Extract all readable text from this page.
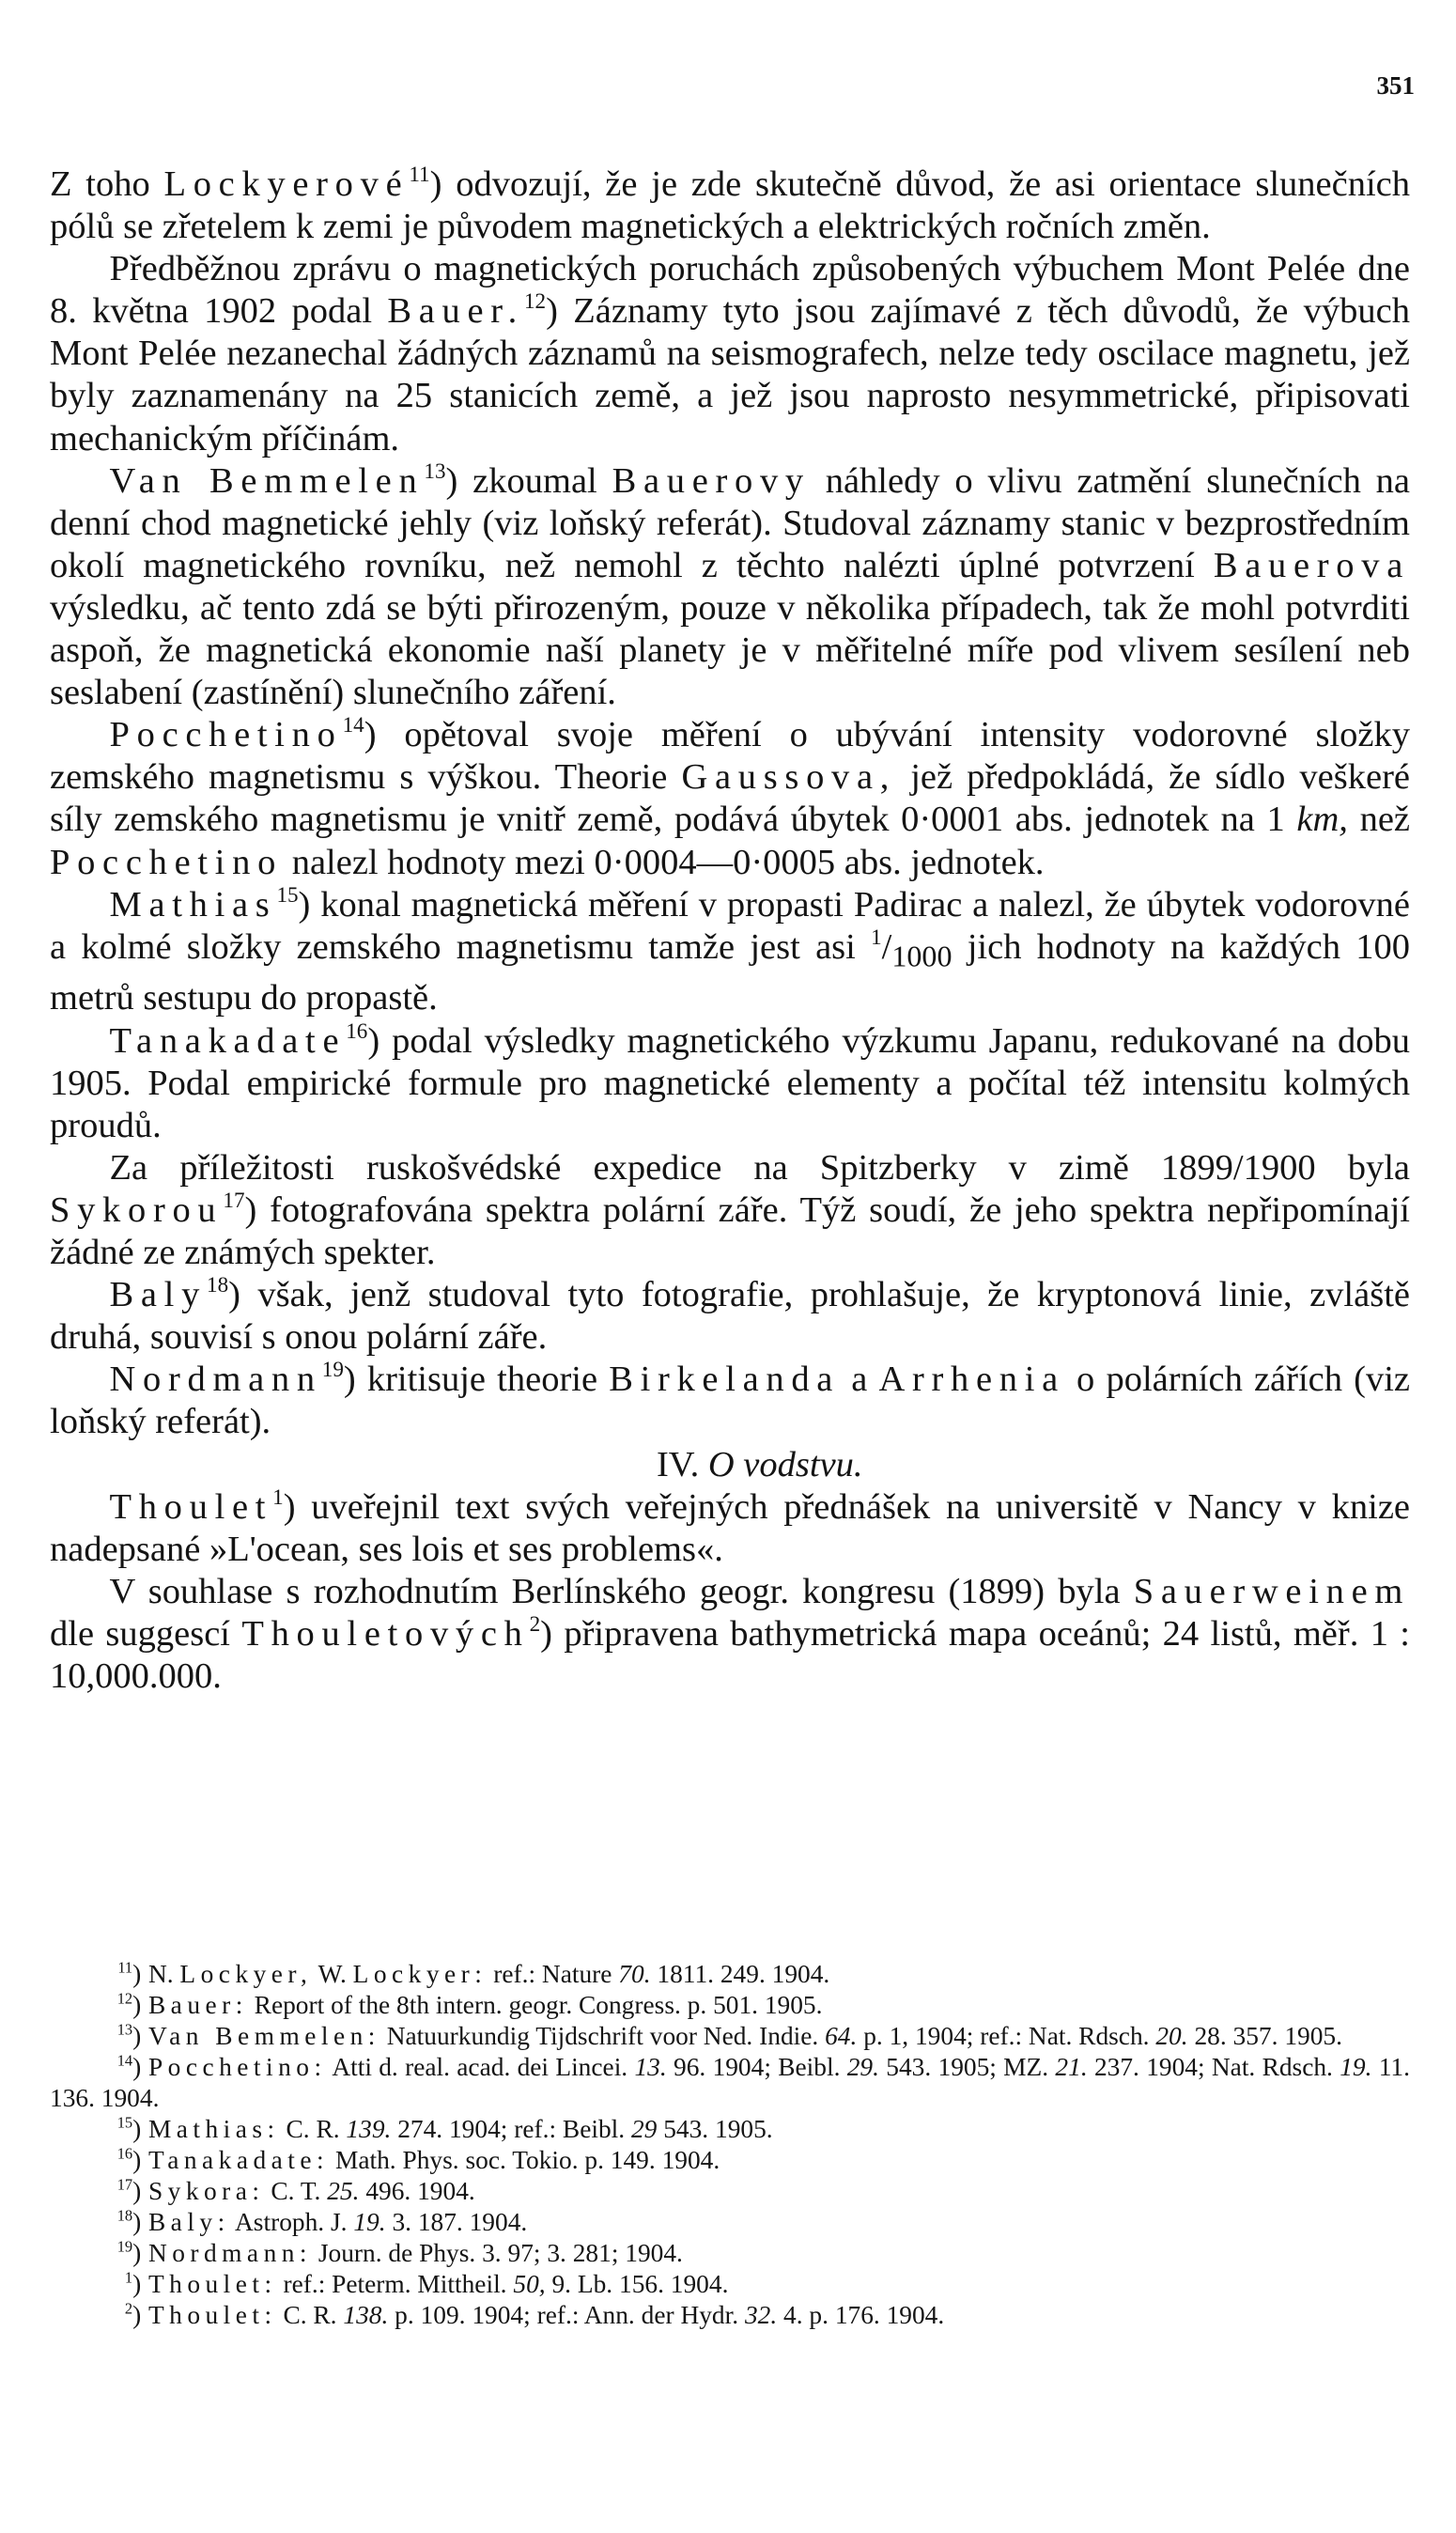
351

Z toho Lockyerové$^{11}$) odvozují, že je zde skutečně důvod, že asi orientace slunečních pólů se zřetelem k zemi je původem magnetických a elektrických ročních změn.

Předběžnou zprávu o magnetických poruchách způsobených výbuchem Mont Pelée dne 8. května 1902 podal Bauer.$^{12}$) Záznamy tyto jsou zajímavé z těch důvodů, že výbuch Mont Pelée nezanechal žádných záznamů na seismografech, nelze tedy oscilace magnetu, jež byly zaznamenány na 25 stanicích země, a jež jsou naprosto nesymmetrické, připisovati mechanickým příčinám.

Van Bemmelen$^{13}$) zkoumal Bauerovy náhledy o vlivu zatmění slunečních na denní chod magnetické jehly (viz loňský referát). Studoval záznamy stanic v bezprostředním okolí magnetického rovníku, než nemohl z těchto nalézti úplné potvrzení Bauerova výsledku, ač tento zdá se býti přirozeným, pouze v několika případech, tak že mohl potvrditi aspoň, že magnetická ekonomie naší planety je v měřitelné míře pod vlivem sesílení neb seslabení (zastínění) slunečního záření.

Pocchetino$^{14}$) opětoval svoje měření o ubývání intensity vodorovné složky zemského magnetismu s výškou. Theorie Gaussova, jež předpokládá, že sídlo veškeré síly zemského magnetismu je vnitř země, podává úbytek 0·0001 abs. jednotek na 1 km, než Pocchetino nalezl hodnoty mezi 0·0004—0·0005 abs. jednotek.

Mathias$^{15}$) konal magnetická měření v propasti Padirac a nalezl, že úbytek vodorovné a kolmé složky zemského magnetismu tamže jest asi $^1/_{1000}$ jich hodnoty na každých 100 metrů sestupu do propastě.

Tanakadate$^{16}$) podal výsledky magnetického výzkumu Japanu, redukované na dobu 1905. Podal empirické formule pro magnetické elementy a počítal též intensitu kolmých proudů.

Za příležitosti ruskošvédské expedice na Spitzberky v zimě 1899/1900 byla Sykorou$^{17}$) fotografována spektra polární záře. Týž soudí, že jeho spektra nepřipomínají žádné ze známých spekter.

Baly$^{18}$) však, jenž studoval tyto fotografie, prohlašuje, že kryptonová linie, zvláště druhá, souvisí s onou polární záře.

Nordmann$^{19}$) kritisuje theorie Birkelanda a Arrhenia o polárních zářích (viz loňský referát).

IV. O vodstvu.

Thoulet$^1$) uveřejnil text svých veřejných přednášek na universitě v Nancy v knize nadepsané »L'ocean, ses lois et ses problems«.

V souhlase s rozhodnutím Berlínského geogr. kongresu (1899) byla Sauerweinem dle suggescí Thouletových$^2$) připravena bathymetrická mapa oceánů; 24 listů, měř. 1 : 10,000.000.

$^{11}$) N. Lockyer, W. Lockyer: ref.: Nature 70. 1811. 249. 1904.

$^{12}$) Bauer: Report of the 8th intern. geogr. Congress. p. 501. 1905.

$^{13}$) Van Bemmelen: Natuurkundig Tijdschrift voor Ned. Indie. 64. p. 1, 1904; ref.: Nat. Rdsch. 20. 28. 357. 1905.

$^{14}$) Pocchetino: Atti d. real. acad. dei Lincei. 13. 96. 1904; Beibl. 29. 543. 1905; MZ. 21. 237. 1904; Nat. Rdsch. 19. 11. 136. 1904.

$^{15}$) Mathias: C. R. 139. 274. 1904; ref.: Beibl. 29 543. 1905.

$^{16}$) Tanakadate: Math. Phys. soc. Tokio. p. 149. 1904.

$^{17}$) Sykora: C. T. 25. 496. 1904.

$^{18}$) Baly: Astroph. J. 19. 3. 187. 1904.

$^{19}$) Nordmann: Journ. de Phys. 3. 97; 3. 281; 1904.

$^1$) Thoulet: ref.: Peterm. Mittheil. 50, 9. Lb. 156. 1904.

$^2$) Thoulet: C. R. 138. p. 109. 1904; ref.: Ann. der Hydr. 32. 4. p. 176. 1904.
